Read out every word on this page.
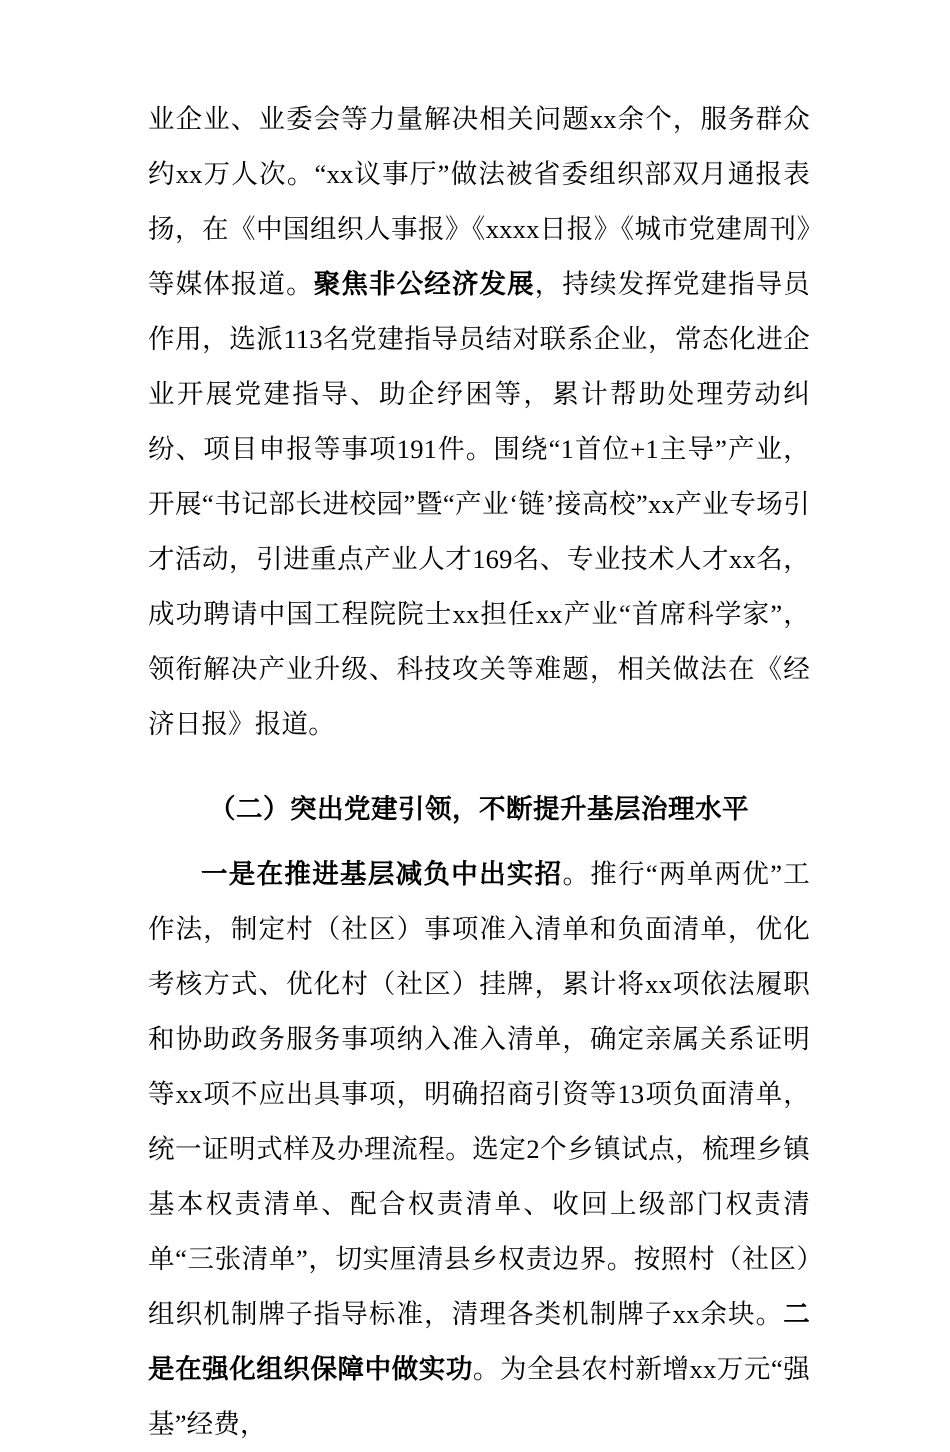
业企业、业委会等力量解决相关问题xx余个，服务群众约xx万人次。“xx议事厅”做法被省委组织部双月通报表扬，在《中国组织人事报》《xxxx日报》《城市党建周刊》等媒体报道。聚焦非公经济发展，持续发挥党建指导员作用，选派113名党建指导员结对联系企业，常态化进企业开展党建指导、助企纾困等，累计帮助处理劳动纠纷、项目申报等事项191件。围绕“1首位+1主导”产业，开展“书记部长进校园”暨“产业‘链’接高校”xx产业专场引才活动，引进重点产业人才169名、专业技术人才xx名，成功聘请中国工程院院士xx担任xx产业“首席科学家”，领衔解决产业升级、科技攻关等难题，相关做法在《经济日报》报道。

（二）突出党建引领，不断提升基层治理水平

一是在推进基层减负中出实招。推行“两单两优”工作法，制定村（社区）事项准入清单和负面清单，优化考核方式、优化村（社区）挂牌，累计将xx项依法履职和协助政务服务事项纳入准入清单，确定亲属关系证明等xx项不应出具事项，明确招商引资等13项负面清单，统一证明式样及办理流程。选定2个乡镇试点，梳理乡镇基本权责清单、配合权责清单、收回上级部门权责清单“三张清单”，切实厘清县乡权责边界。按照村（社区）组织机制牌子指导标准，清理各类机制牌子xx余块。二是在强化组织保障中做实功。为全县农村新增xx万元“强基”经费，
